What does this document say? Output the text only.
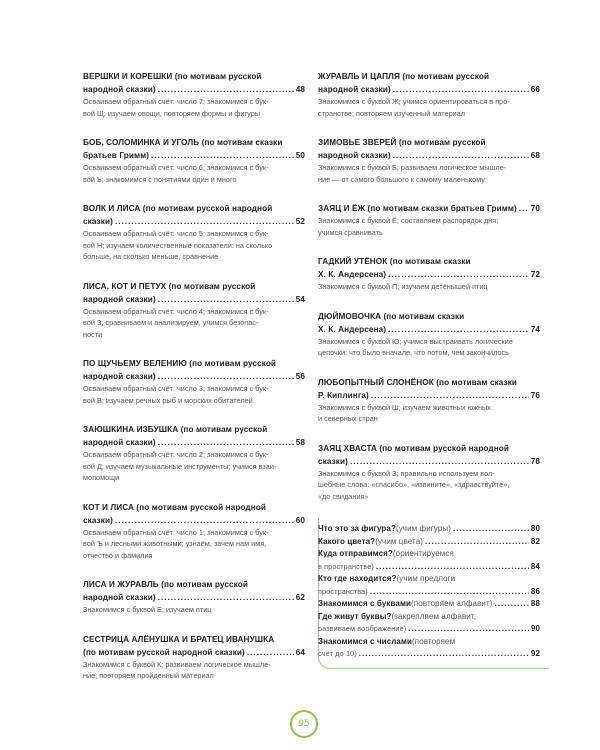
ВЕРШКИ И КОРЕШКИ (по мотивам русской
народной сказки) .....	48
Осваиваем обратный счёт: число 7; знакомимся с бук-
вой Щ; изучаем овощи, повторяем формы и фигуры
БОБ, СОЛОМИНКА И УГОЛЬ (по мотивам сказки
братьев Гримм) .....	50
Осваиваем обратный счёт: число 6; знакомимся с бук-
вой Ь; знакомимся с понятиями один и много
ВОЛК И ЛИСА (по мотивам русской народной
сказки) .....	52
Осваиваем обратный счёт: число 5; знакомимся с бук-
вой Н; изучаем количественные показатели: на сколько
больше, на сколько меньше, сравнение
ЛИСА, КОТ И ПЕТУХ (по мотивам русской
народной сказки) .....	54
Осваиваем обратный счёт: число 4; знакомимся с бук-
вой З; сравниваем и анализируем, учимся безопас-
ности
ПО ЩУЧЬЕМУ ВЕЛЕНИЮ (по мотивам русской
народной сказки) .....	56
Осваиваем обратный счёт: число 3; знакомимся с бук-
вой В; изучаем речных рыб и морских обитателей
ЗАЮШКИНА ИЗБУШКА (по мотивам русской
народной сказки) .....	58
Осваиваем обратный счёт: число 2; знакомимся с бук-
вой Д; изучаем музыкальные инструменты; учимся взаи-
мопомощи
КОТ И ЛИСА (по мотивам русской народной
сказки) .....	60
Осваиваем обратный счёт: число 1; знакомимся с бук-
вой Ъ и лесными животными; узнаём, зачем нам имя,
отчество и фамилия
ЛИСА И ЖУРАВЛЬ (по мотивам русской
народной сказки) .....	62
Знакомимся с буквой Е; изучаем птиц
СЕСТРИЦА АЛЁНУШКА И БРАТЕЦ ИВАНУШКА
(по мотивам русской народной сказки) .....	64
Знакомимся с буквой К; развиваем логическое мышле-
ние; повторяем пройденный материал
ЖУРАВЛЬ И ЦАПЛЯ (по мотивам русской
народной сказки) .....	66
Знакомимся с буквой Ж; учимся ориентироваться в про-
странстве; повторяем изученный материал
ЗИМОВЬЕ ЗВЕРЕЙ (по мотивам русской
народной сказки) .....	68
Знакомимся с буквой Б; развиваем логическое мышле-
ние — от самого большого к самому маленькому
ЗАЯЦ И ЁЖ (по мотивам сказки братьев Гримм) ..... 70
Знакомимся с буквой Ё; составляем распорядок дня;
учимся сравнивать
ГАДКИЙ УТЁНОК (по мотивам сказки
Х. К. Андерсена) .....	72
Знакомимся с буквой П; изучаем детёнышей птиц
ДЮЙМОВОЧКА (по мотивам сказки
Х. К. Андерсена) .....	74
Знакомимся с буквой Ю; учимся выстраивать логические
цепочки: что было вначале, что потом, чем закончилось
ЛЮБОПЫТНЫЙ СЛОНЁНОК (по мотивам сказки
Р. Киплинга) .....	76
Знакомимся с буквой Ш; изучаем животных южных
и северных стран
ЗАЯЦ ХВАСТА (по мотивам русской народной
сказки) .....	78
Знакомимся с буквой З; правильно используем вол-
шебные слова: «спасибо», «извините», «здравствуйте»,
«до свидания»
Что это за фигура? (учим фигуры) .....	80
Какого цвета? (учим цвета) .....	82
Куда отправимся? (ориентируемся
в пространстве) .....	84
Кто где находится? (учим предлоги
пространства) .....	86
Знакомимся с буквами (повторяем алфавит) .....	88
Где живут буквы? (закрепляем алфавит,
развиваем воображение) .....	90
Знакомимся с числами (повторяем
счёт до 10) .....	92
95
